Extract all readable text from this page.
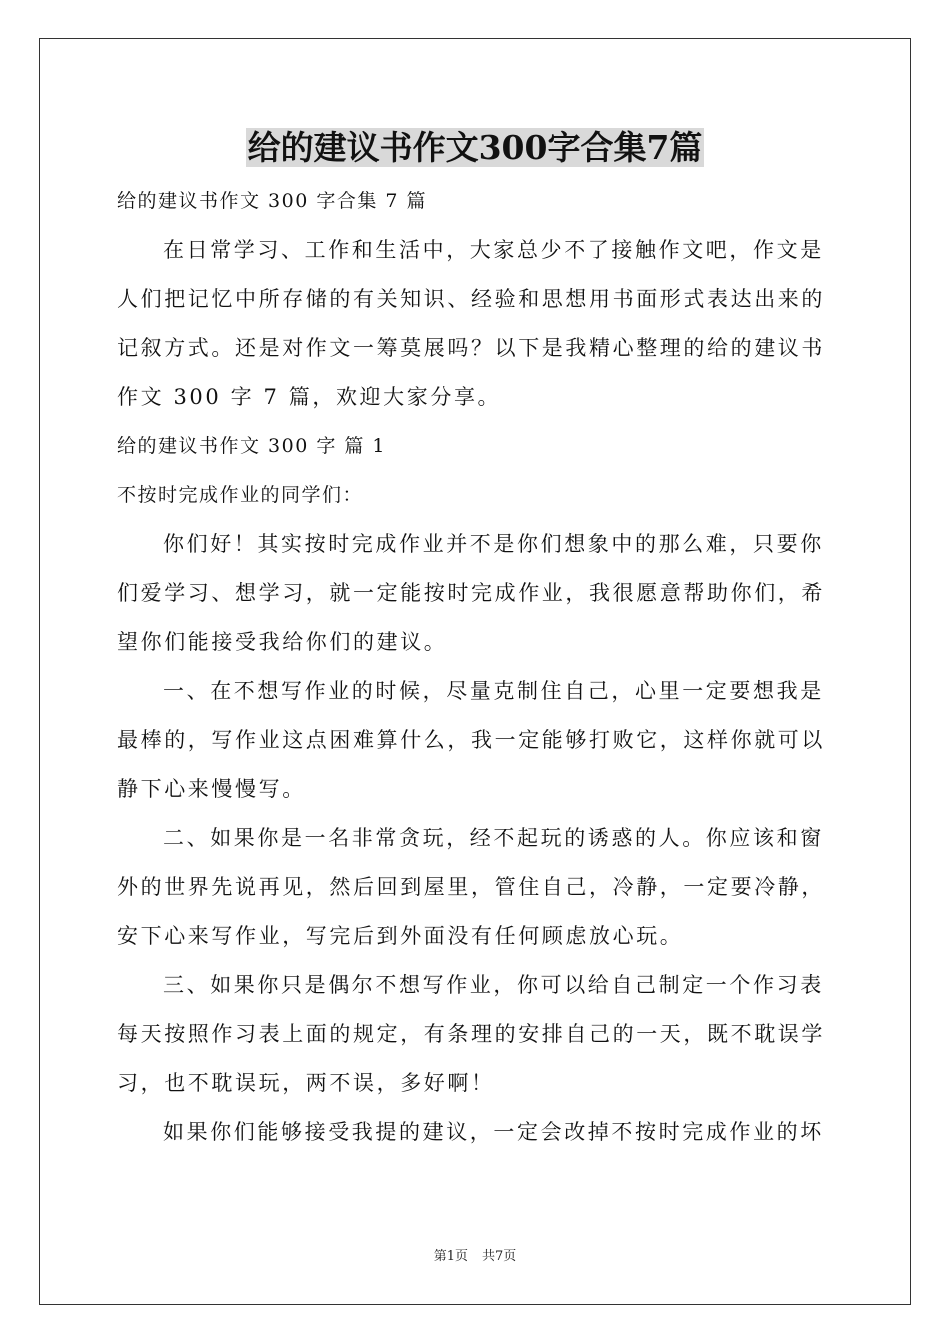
给的建议书作文300字合集7篇
给的建议书作文 300 字合集 7 篇
在日常学习、工作和生活中，大家总少不了接触作文吧，作文是
人们把记忆中所存储的有关知识、经验和思想用书面形式表达出来的
记叙方式。还是对作文一筹莫展吗？以下是我精心整理的给的建议书
作文 300 字 7 篇，欢迎大家分享。
给的建议书作文 300 字 篇 1
不按时完成作业的同学们：
你们好！其实按时完成作业并不是你们想象中的那么难，只要你
们爱学习、想学习，就一定能按时完成作业，我很愿意帮助你们，希
望你们能接受我给你们的建议。
一、在不想写作业的时候，尽量克制住自己，心里一定要想我是
最棒的，写作业这点困难算什么，我一定能够打败它，这样你就可以
静下心来慢慢写。
二、如果你是一名非常贪玩，经不起玩的诱惑的人。你应该和窗
外的世界先说再见，然后回到屋里，管住自己，冷静，一定要冷静，
安下心来写作业，写完后到外面没有任何顾虑放心玩。
三、如果你只是偶尔不想写作业，你可以给自己制定一个作习表
每天按照作习表上面的规定，有条理的安排自己的一天，既不耽误学
习，也不耽误玩，两不误，多好啊！
如果你们能够接受我提的建议，一定会改掉不按时完成作业的坏
第1页 共7页
